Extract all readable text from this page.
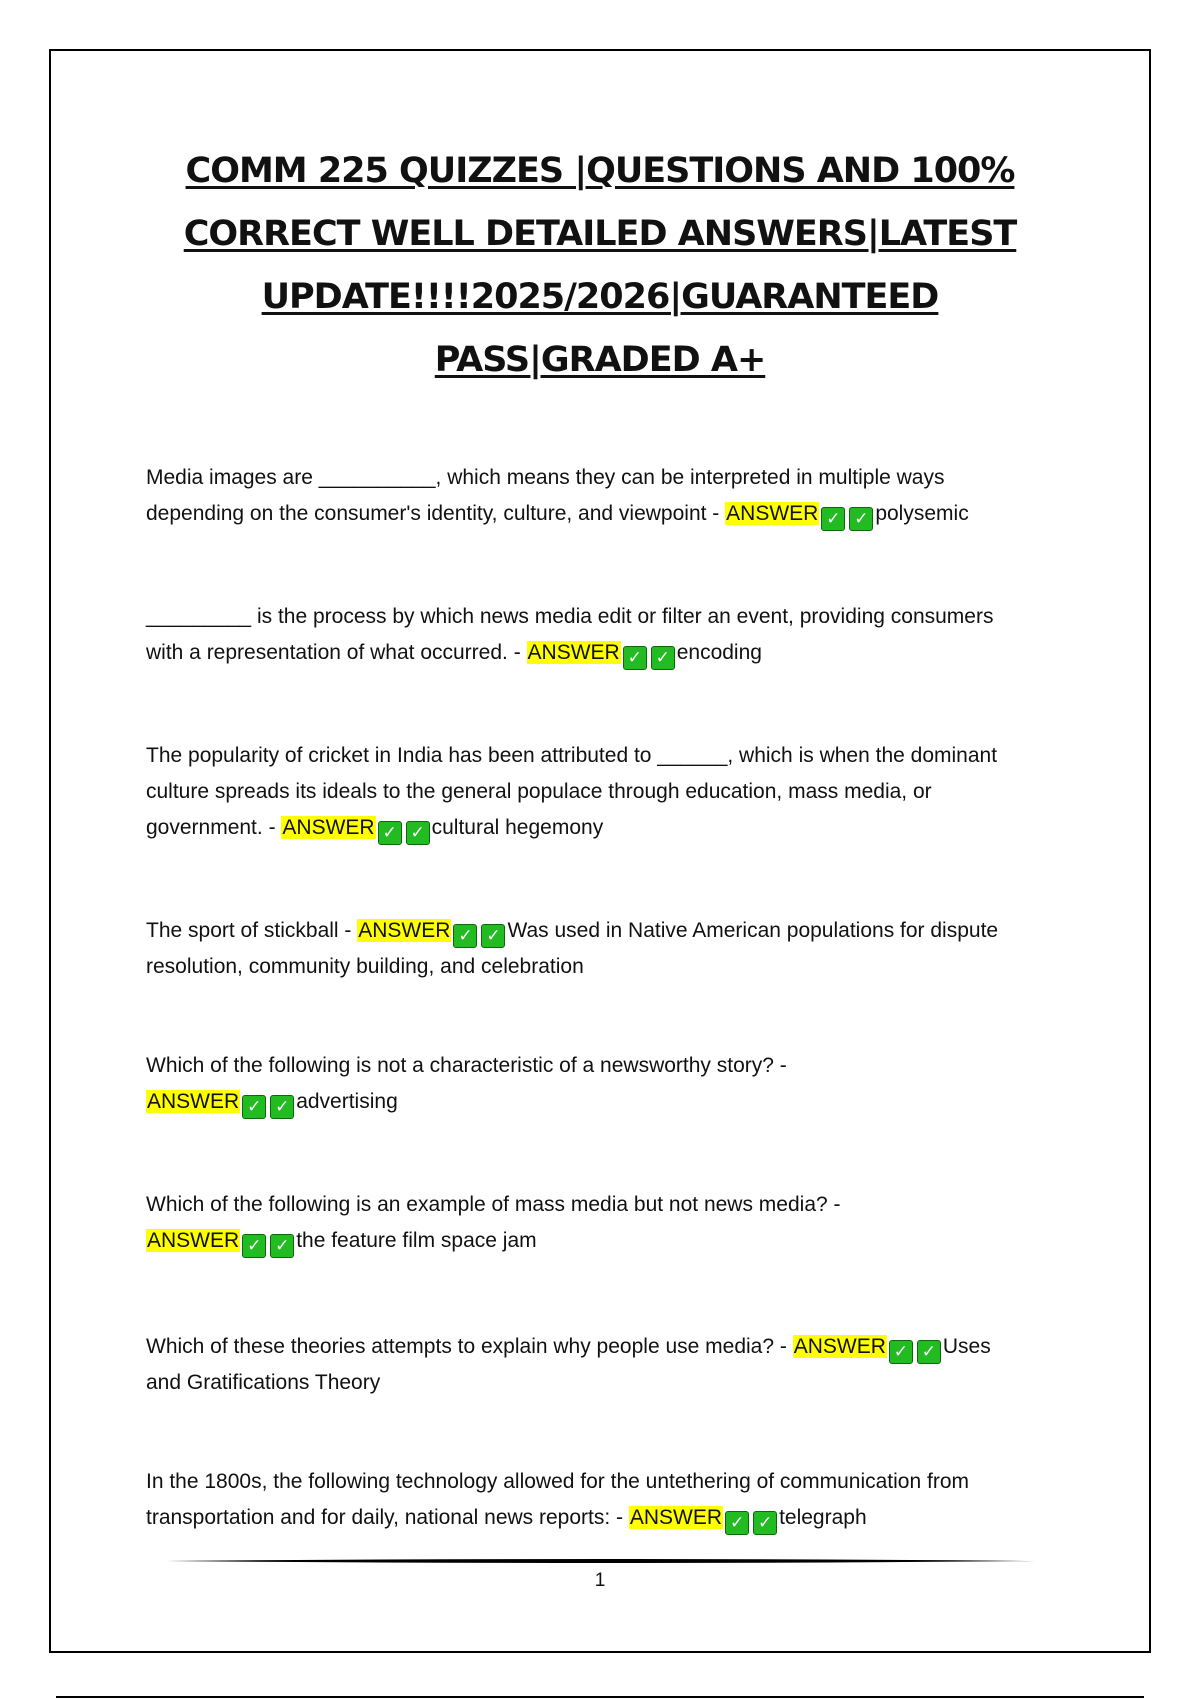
COMM 225 QUIZZES |QUESTIONS AND 100%
CORRECT WELL DETAILED ANSWERS|LATEST
UPDATE!!!!2025/2026|GUARANTEED
PASS|GRADED A+

Media images are __________, which means they can be interpreted in multiple ways
depending on the consumer's identity, culture, and viewpoint - ANSWER ✓ ✓ polysemic

_________ is the process by which news media edit or filter an event, providing consumers
with a representation of what occurred. - ANSWER ✓ ✓ encoding

The popularity of cricket in India has been attributed to ______, which is when the dominant
culture spreads its ideals to the general populace through education, mass media, or
government. - ANSWER ✓ ✓ cultural hegemony

The sport of stickball - ANSWER ✓ ✓ Was used in Native American populations for dispute
resolution, community building, and celebration

Which of the following is not a characteristic of a newsworthy story? -
ANSWER ✓ ✓ advertising

Which of the following is an example of mass media but not news media? -
ANSWER ✓ ✓ the feature film space jam

Which of these theories attempts to explain why people use media? - ANSWER ✓ ✓ Uses
and Gratifications Theory

In the 1800s, the following technology allowed for the untethering of communication from
transportation and for daily, national news reports: - ANSWER ✓ ✓ telegraph

1
